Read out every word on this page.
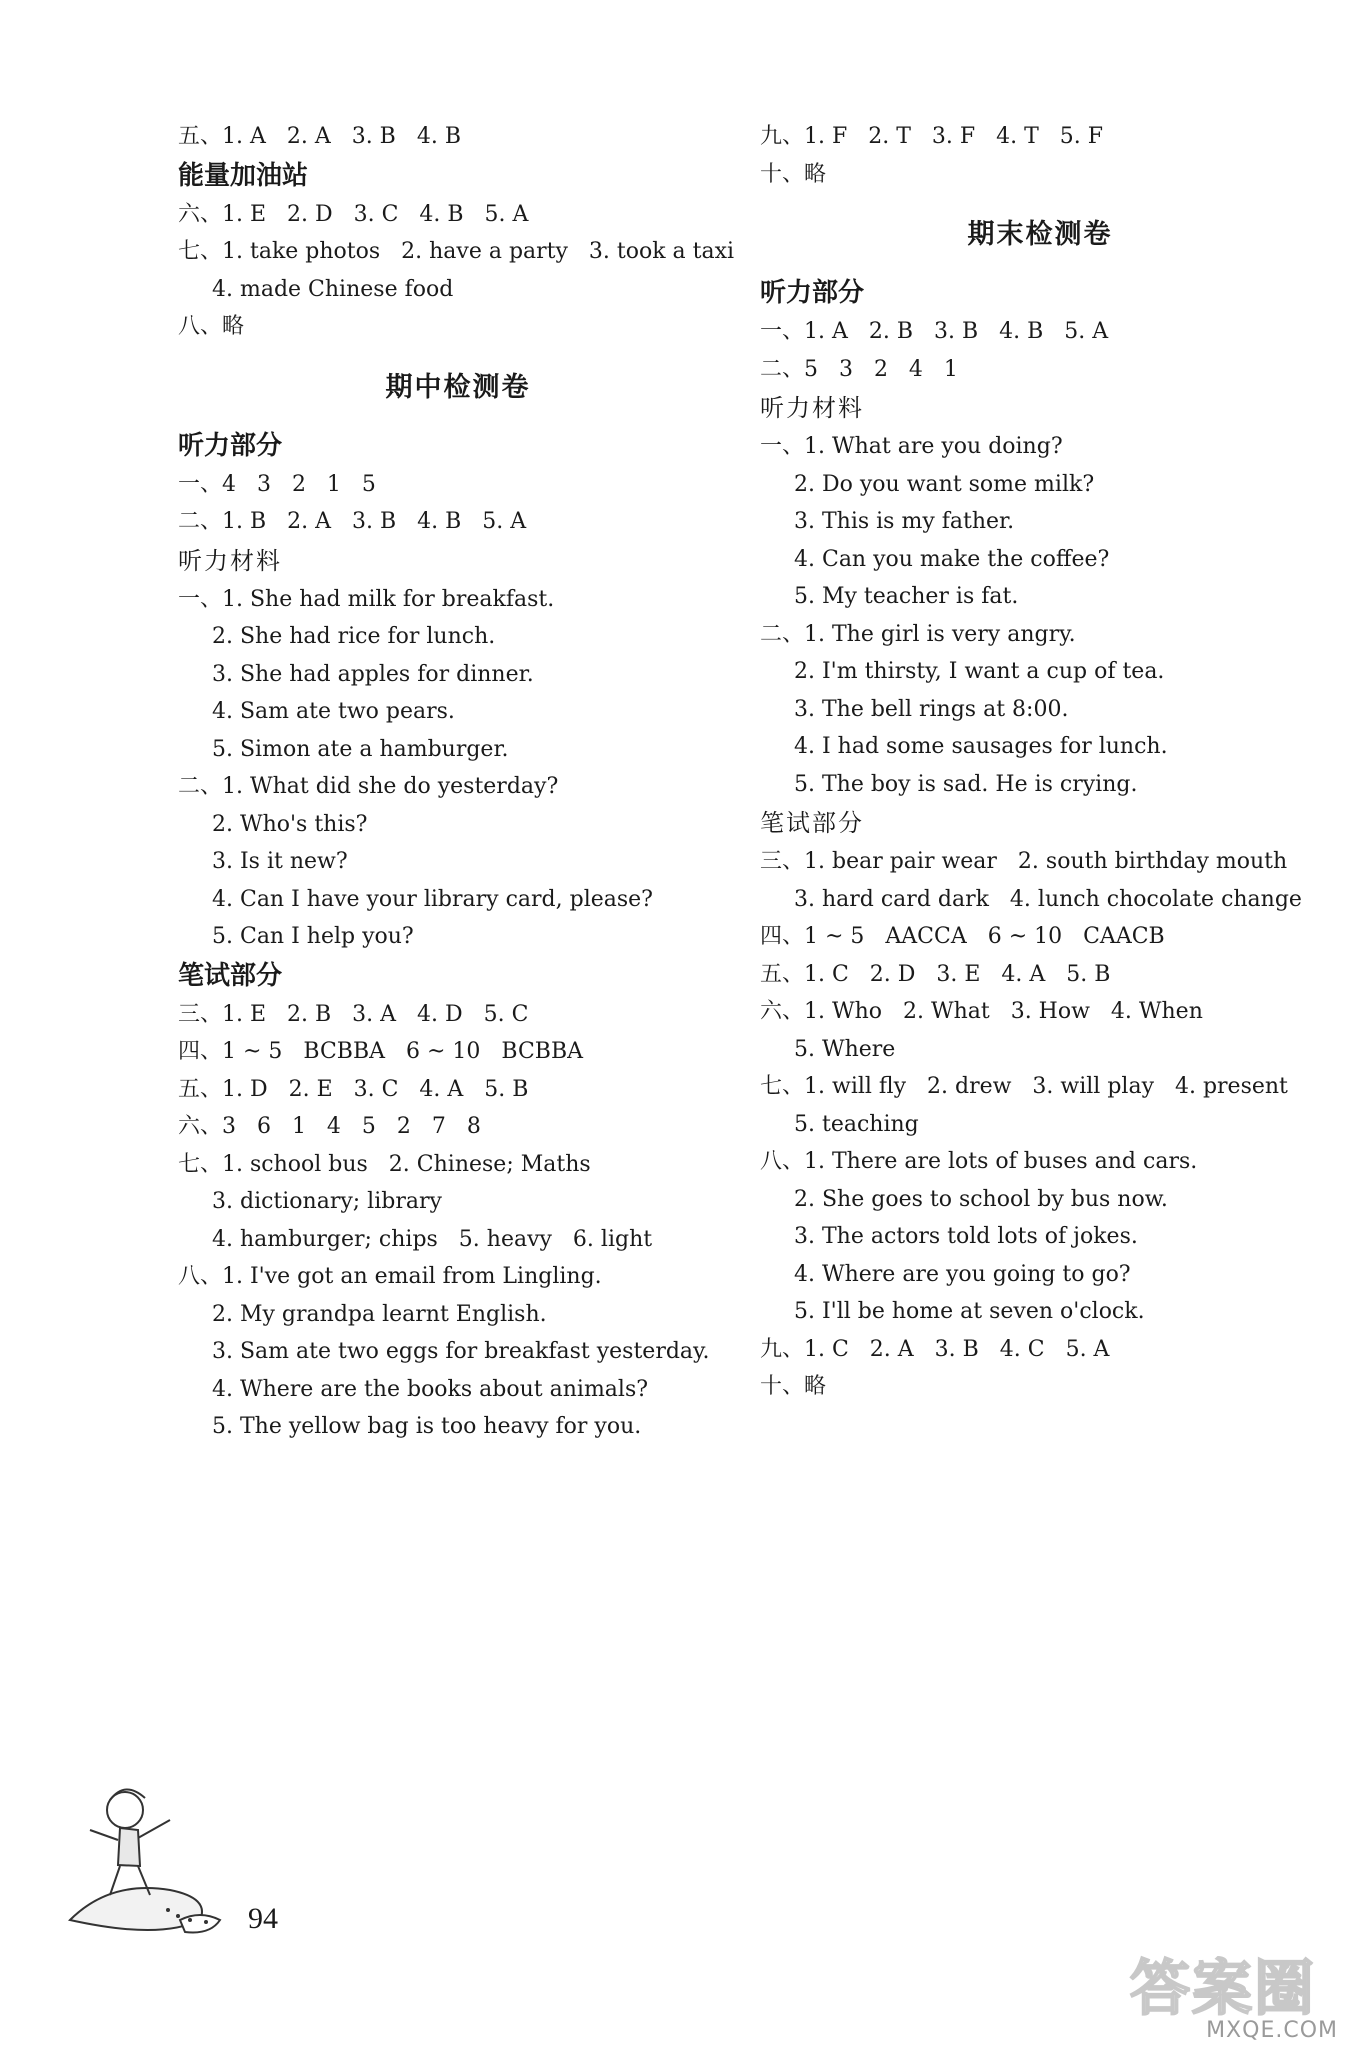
五、1. A   2. A   3. B   4. B
能量加油站
六、1. E   2. D   3. C   4. B   5. A
七、1. take photos   2. have a party   3. took a taxi
4. made Chinese food
八、略
期中检测卷
听力部分
一、4   3   2   1   5
二、1. B   2. A   3. B   4. B   5. A
听力材料
一、1. She had milk for breakfast.
2. She had rice for lunch.
3. She had apples for dinner.
4. Sam ate two pears.
5. Simon ate a hamburger.
二、1. What did she do yesterday?
2. Who's this?
3. Is it new?
4. Can I have your library card, please?
5. Can I help you?
笔试部分
三、1. E   2. B   3. A   4. D   5. C
四、1 ~ 5   BCBBA   6 ~ 10   BCBBA
五、1. D   2. E   3. C   4. A   5. B
六、3   6   1   4   5   2   7   8
七、1. school bus   2. Chinese; Maths
3. dictionary; library
4. hamburger; chips   5. heavy   6. light
八、1. I've got an email from Lingling.
2. My grandpa learnt English.
3. Sam ate two eggs for breakfast yesterday.
4. Where are the books about animals?
5. The yellow bag is too heavy for you.
九、1. F   2. T   3. F   4. T   5. F
十、略
期末检测卷
听力部分
一、1. A   2. B   3. B   4. B   5. A
二、5   3   2   4   1
听力材料
一、1. What are you doing?
2. Do you want some milk?
3. This is my father.
4. Can you make the coffee?
5. My teacher is fat.
二、1. The girl is very angry.
2. I'm thirsty, I want a cup of tea.
3. The bell rings at 8:00.
4. I had some sausages for lunch.
5. The boy is sad. He is crying.
笔试部分
三、1. bear pair wear   2. south birthday mouth
3. hard card dark   4. lunch chocolate change
四、1 ~ 5   AACCA   6 ~ 10   CAACB
五、1. C   2. D   3. E   4. A   5. B
六、1. Who   2. What   3. How   4. When
5. Where
七、1. will fly   2. drew   3. will play   4. present
5. teaching
八、1. There are lots of buses and cars.
2. She goes to school by bus now.
3. The actors told lots of jokes.
4. Where are you going to go?
5. I'll be home at seven o'clock.
九、1. C   2. A   3. B   4. C   5. A
十、略
94
答案圈
MXQE.COM
